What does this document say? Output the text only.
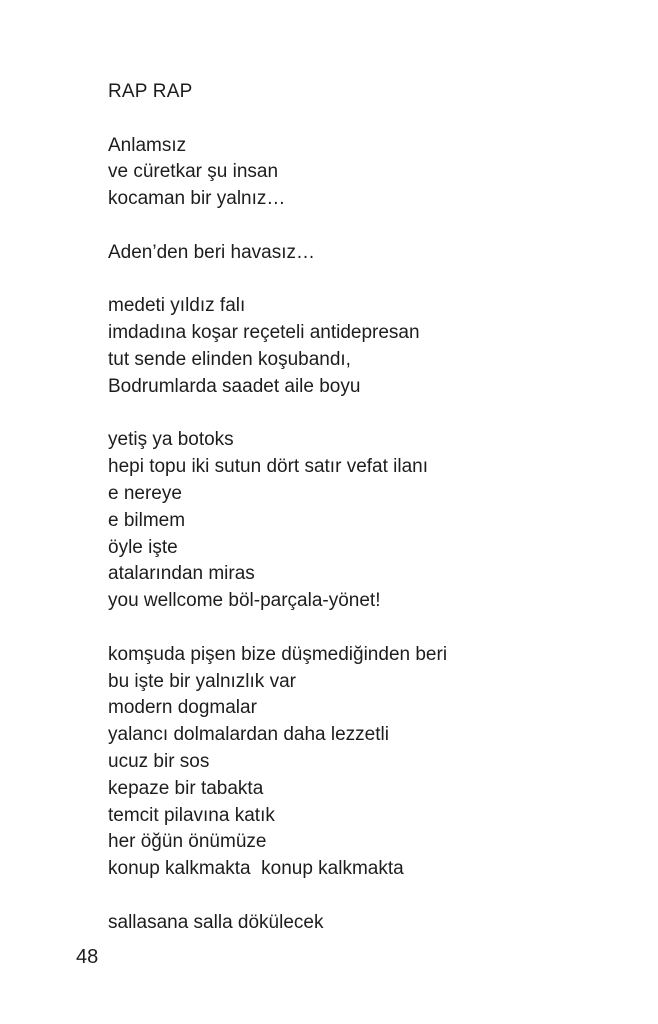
RAP RAP
Anlamsız
ve cüretkar şu insan
kocaman bir yalnız…
Aden’den beri havasız…
medeti yıldız falı
imdadına koşar reçeteli antidepresan
tut sende elinden koşubandı,
Bodrumlarda saadet aile boyu
yetiş ya botoks
hepi topu iki sutun dört satır vefat ilanı
e nereye
e bilmem
öyle işte
atalarından miras
you wellcome böl-parçala-yönet!
komşuda pişen bize düşmediğinden beri
bu işte bir yalnızlık var
modern dogmalar
yalancı dolmalardan daha lezzetli
ucuz bir sos
kepaze bir tabakta
temcit pilavına katık
her öğün önümüze
konup kalkmakta  konup kalkmakta
sallasana salla dökülecek
48
